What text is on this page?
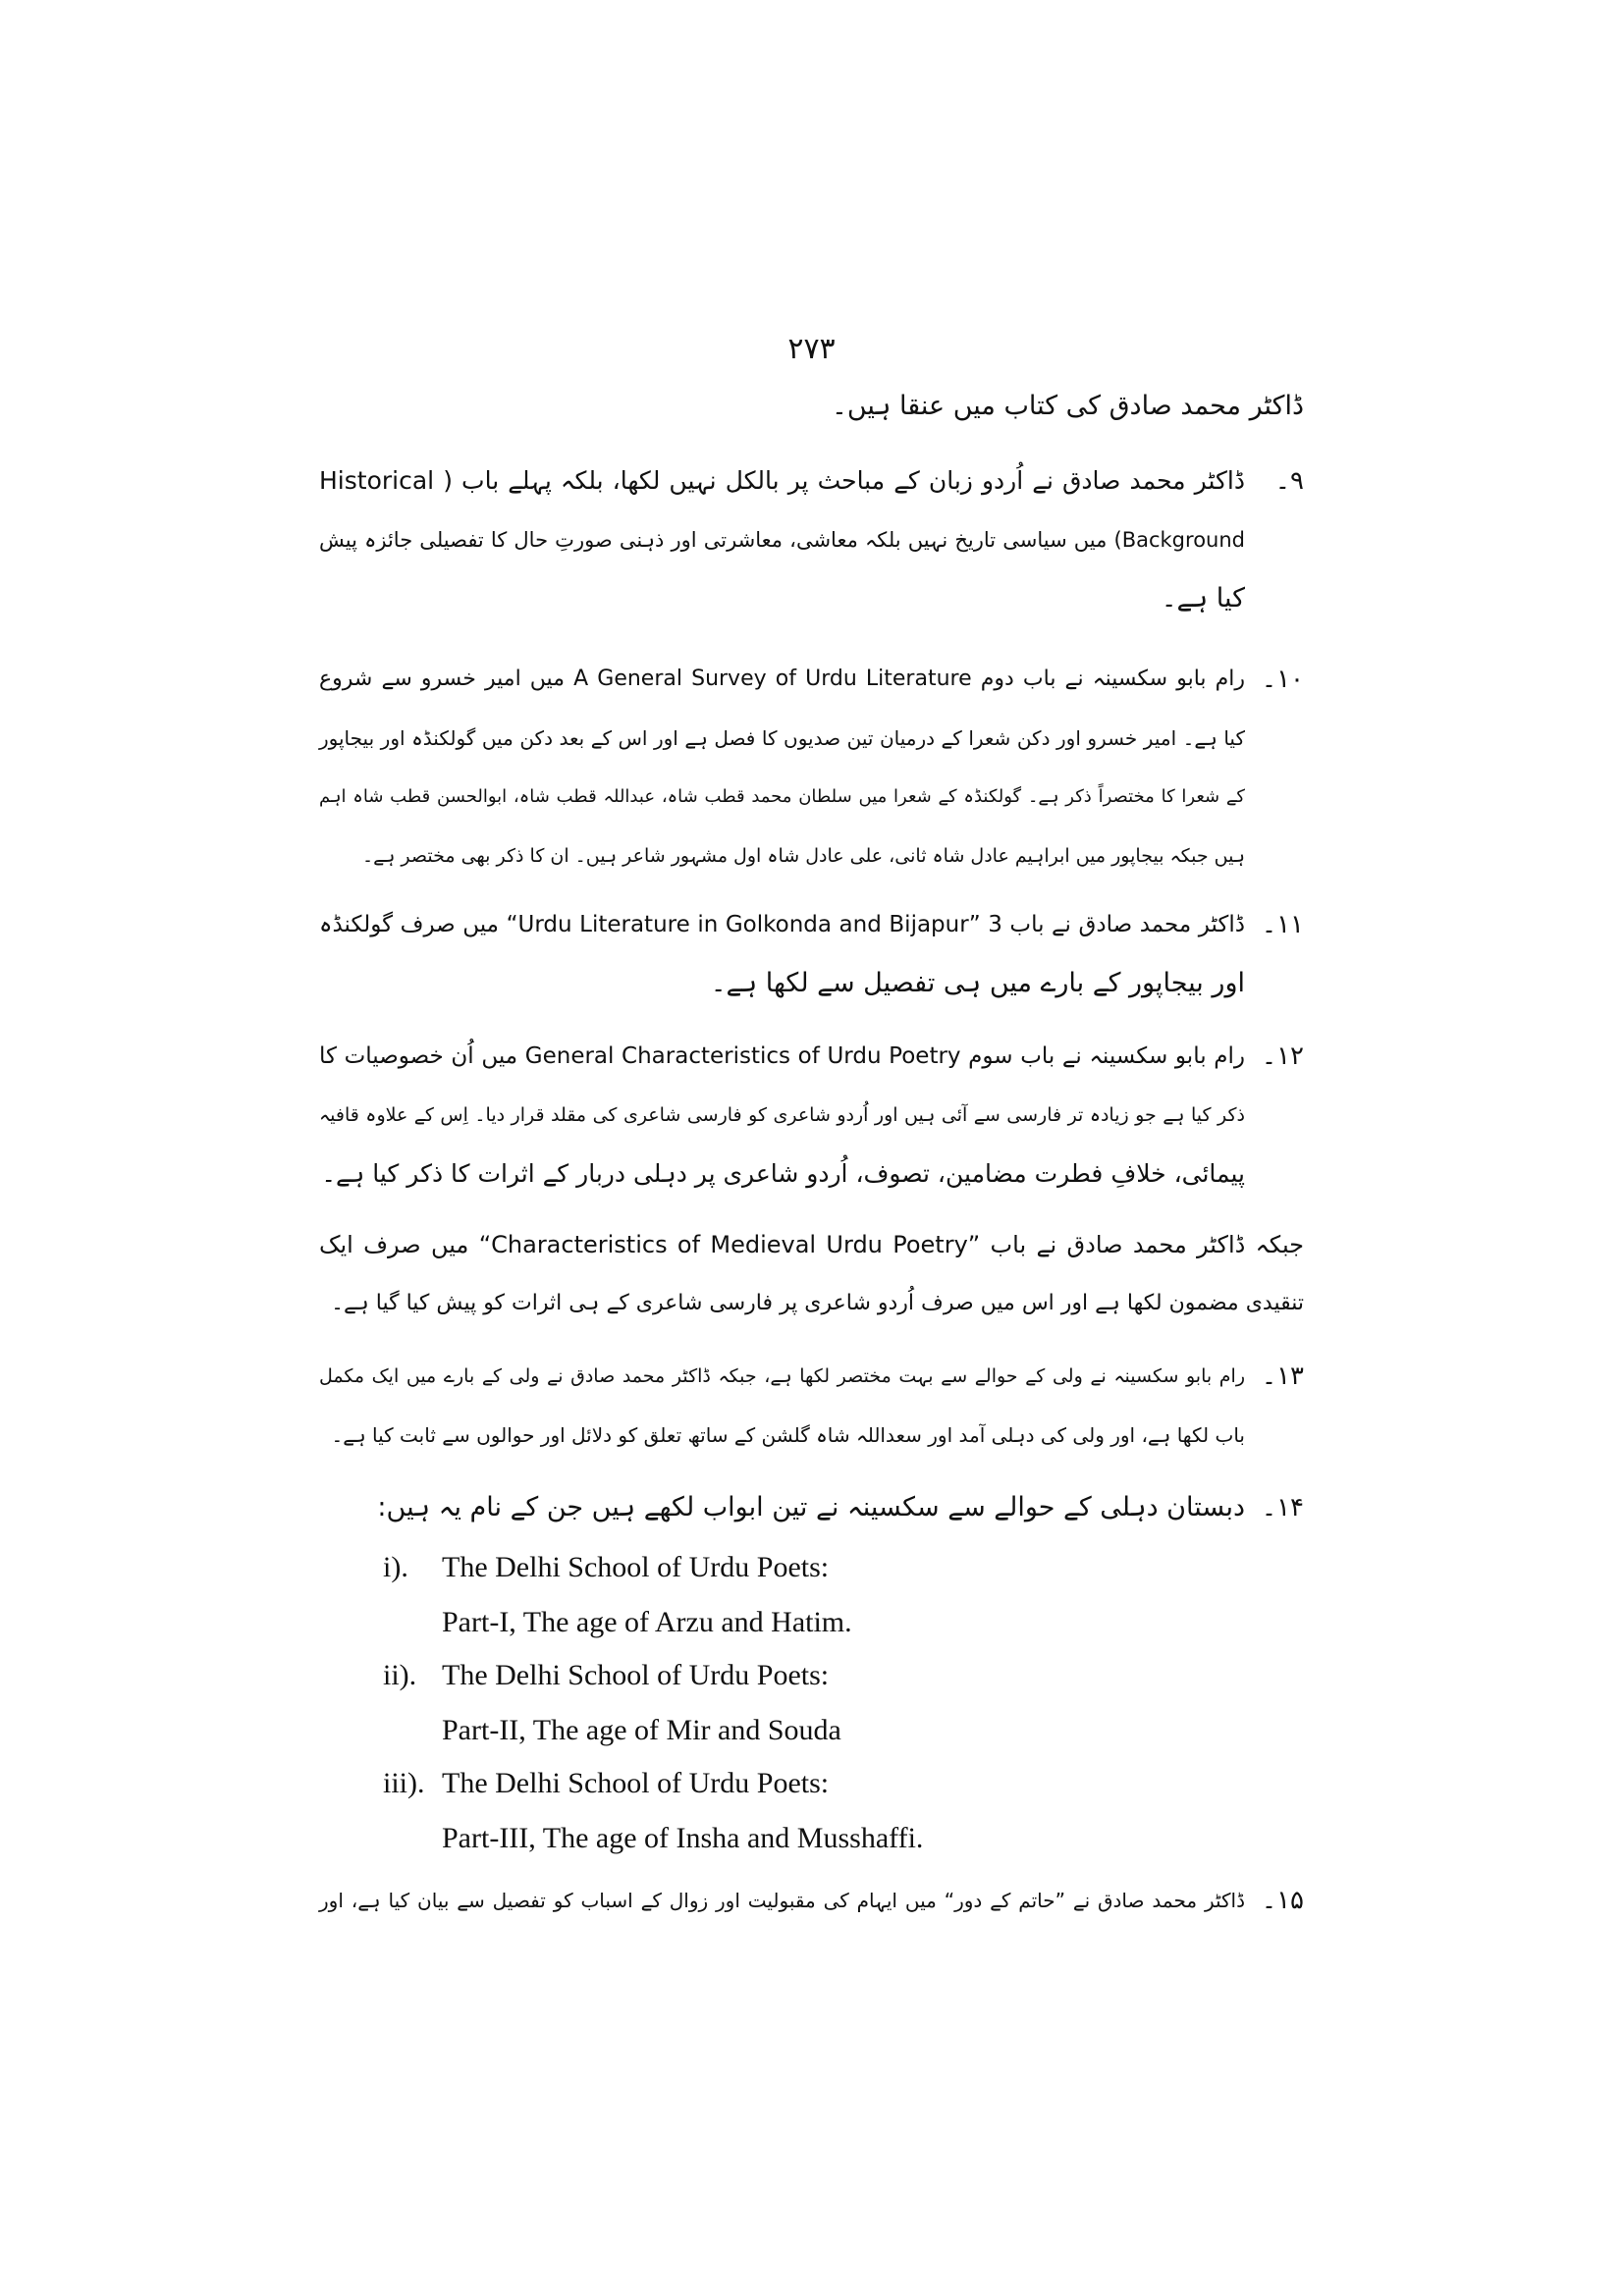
۲۷۳
ڈاکٹر محمد صادق کی کتاب میں عنقا ہیں۔
۹۔
ڈاکٹر محمد صادق نے اُردو زبان کے مباحث پر بالکل نہیں لکھا، بلکہ پہلے باب ( Historical
Background) میں سیاسی تاریخ نہیں بلکہ معاشی، معاشرتی اور ذہنی صورتِ حال کا تفصیلی جائزہ پیش
کیا ہے۔
۱۰۔
رام بابو سکسینہ نے باب دوم A General Survey of Urdu Literature میں امیر خسرو سے شروع
کیا ہے۔ امیر خسرو اور دکن شعرا کے درمیان تین صدیوں کا فصل ہے اور اس کے بعد دکن میں گولکنڈہ اور بیجاپور
کے شعرا کا مختصراً ذکر ہے۔ گولکنڈہ کے شعرا میں سلطان محمد قطب شاہ، عبداللہ قطب شاہ، ابوالحسن قطب شاہ اہم
ہیں جبکہ بیجاپور میں ابراہیم عادل شاہ ثانی، علی عادل شاہ اول مشہور شاعر ہیں۔ ان کا ذکر بھی مختصر ہے۔
۱۱۔
ڈاکٹر محمد صادق نے باب 3 ”Urdu Literature in Golkonda and Bijapur“ میں صرف گولکنڈہ
اور بیجاپور کے بارے میں ہی تفصیل سے لکھا ہے۔
۱۲۔
رام بابو سکسینہ نے باب سوم General Characteristics of Urdu Poetry میں اُن خصوصیات کا
ذکر کیا ہے جو زیادہ تر فارسی سے آئی ہیں اور اُردو شاعری کو فارسی شاعری کی مقلد قرار دیا۔ اِس کے علاوہ قافیہ
پیمائی، خلافِ فطرت مضامین، تصوف، اُردو شاعری پر دہلی دربار کے اثرات کا ذکر کیا ہے۔
جبکہ ڈاکٹر محمد صادق نے باب ”Characteristics of Medieval Urdu Poetry“ میں صرف ایک
تنقیدی مضمون لکھا ہے اور اس میں صرف اُردو شاعری پر فارسی شاعری کے ہی اثرات کو پیش کیا گیا ہے۔
۱۳۔
رام بابو سکسینہ نے ولی کے حوالے سے بہت مختصر لکھا ہے، جبکہ ڈاکٹر محمد صادق نے ولی کے بارے میں ایک مکمل
باب لکھا ہے، اور ولی کی دہلی آمد اور سعداللہ شاہ گلشن کے ساتھ تعلق کو دلائل اور حوالوں سے ثابت کیا ہے۔
۱۴۔
دبستان دہلی کے حوالے سے سکسینہ نے تین ابواب لکھے ہیں جن کے نام یہ ہیں:
۱۵۔
ڈاکٹر محمد صادق نے ”حاتم کے دور“ میں ایہام کی مقبولیت اور زوال کے اسباب کو تفصیل سے بیان کیا ہے، اور
i). The Delhi School of Urdu Poets:
Part-I, The age of Arzu and Hatim.
ii). The Delhi School of Urdu Poets:
Part-II, The age of Mir and Souda
iii). The Delhi School of Urdu Poets:
Part-III, The age of Insha and Musshaffi.
